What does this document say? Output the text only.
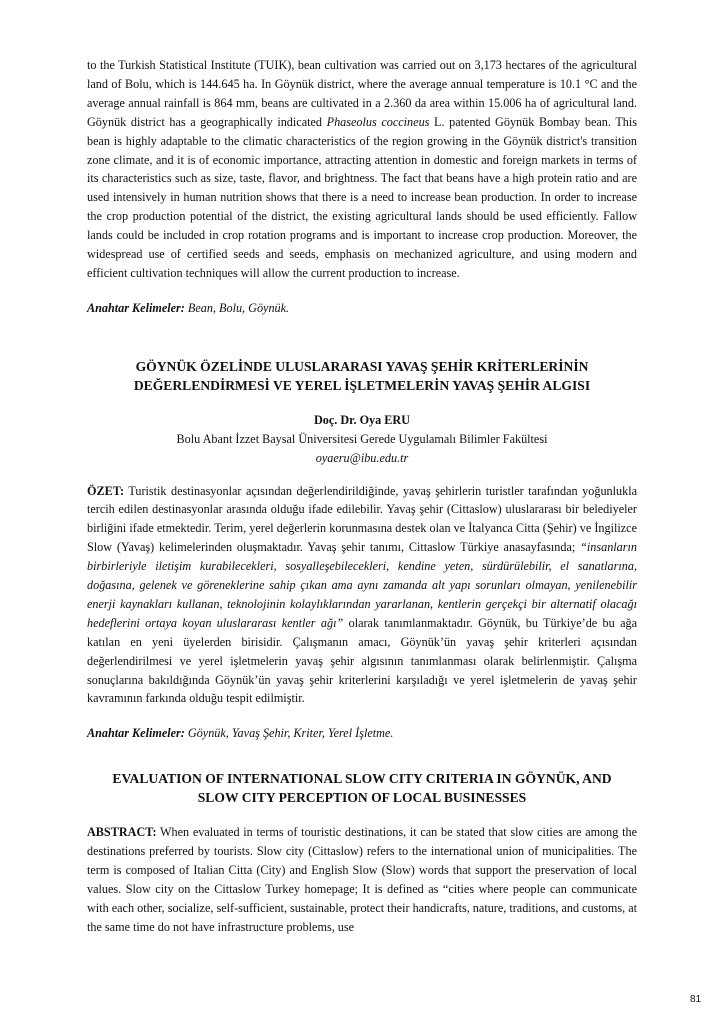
to the Turkish Statistical Institute (TUIK), bean cultivation was carried out on 3,173 hectares of the agricultural land of Bolu, which is 144.645 ha. In Göynük district, where the average annual temperature is 10.1 °C and the average annual rainfall is 864 mm, beans are cultivated in a 2.360 da area within 15.006 ha of agricultural land. Göynük district has a geographically indicated Phaseolus coccineus L. patented Göynük Bombay bean. This bean is highly adaptable to the climatic characteristics of the region growing in the Göynük district's transition zone climate, and it is of economic importance, attracting attention in domestic and foreign markets in terms of its characteristics such as size, taste, flavor, and brightness. The fact that beans have a high protein ratio and are used intensively in human nutrition shows that there is a need to increase bean production. In order to increase the crop production potential of the district, the existing agricultural lands should be used efficiently. Fallow lands could be included in crop rotation programs and is important to increase crop production. Moreover, the widespread use of certified seeds and seeds, emphasis on mechanized agriculture, and using modern and efficient cultivation techniques will allow the current production to increase.

Anahtar Kelimeler: Bean, Bolu, Göynük.

GÖYNÜK ÖZELİNDE ULUSLARARASI YAVAŞ ŞEHİR KRİTERLERİNİN
DEĞERLENDİRMESİ VE YEREL İŞLETMELERİN YAVAŞ ŞEHİR ALGISI
Doç. Dr. Oya ERU
Bolu Abant İzzet Baysal Üniversitesi Gerede Uygulamalı Bilimler Fakültesi
oyaeru@ibu.edu.tr

ÖZET: Turistik destinasyonlar açısından değerlendirildiğinde, yavaş şehirlerin turistler tarafından yoğunlukla tercih edilen destinasyonlar arasında olduğu ifade edilebilir. Yavaş şehir (Cittaslow) uluslararası bir belediyeler birliğini ifade etmektedir. Terim, yerel değerlerin korunmasına destek olan ve İtalyanca Citta (Şehir) ve İngilizce Slow (Yavaş) kelimelerinden oluşmaktadır. Yavaş şehir tanımı, Cittaslow Türkiye anasayfasında; “insanların birbirleriyle iletişim kurabilecekleri, sosyalleşebilecekleri, kendine yeten, sürdürülebilir, el sanatlarına, doğasına, gelenek ve göreneklerine sahip çıkan ama aynı zamanda alt yapı sorunları olmayan, yenilenebilir enerji kaynakları kullanan, teknolojinin kolaylıklarından yararlanan, kentlerin gerçekçi bir alternatif olacağı hedeflerini ortaya koyan uluslararası kentler ağı” olarak tanımlanmaktadır. Göynük, bu Türkiye’de bu ağa katılan en yeni üyelerden birisidir. Çalışmanın amacı, Göynük’ün yavaş şehir kriterleri açısından değerlendirilmesi ve yerel işletmelerin yavaş şehir algısının tanımlanması olarak belirlenmiştir. Çalışma sonuçlarına bakıldığında Göynük’ün yavaş şehir kriterlerini karşıladığı ve yerel işletmelerin de yavaş şehir kavramının farkında olduğu tespit edilmiştir.

Anahtar Kelimeler: Göynük, Yavaş Şehir, Kriter, Yerel İşletme.

EVALUATION OF INTERNATIONAL SLOW CITY CRITERIA IN GÖYNÜK, AND
SLOW CITY PERCEPTION OF LOCAL BUSINESSES

ABSTRACT: When evaluated in terms of touristic destinations, it can be stated that slow cities are among the destinations preferred by tourists. Slow city (Cittaslow) refers to the international union of municipalities. The term is composed of Italian Citta (City) and English Slow (Slow) words that support the preservation of local values. Slow city on the Cittaslow Turkey homepage; It is defined as “cities where people can communicate with each other, socialize, self-sufficient, sustainable, protect their handicrafts, nature, traditions, and customs, at the same time do not have infrastructure problems, use

81
